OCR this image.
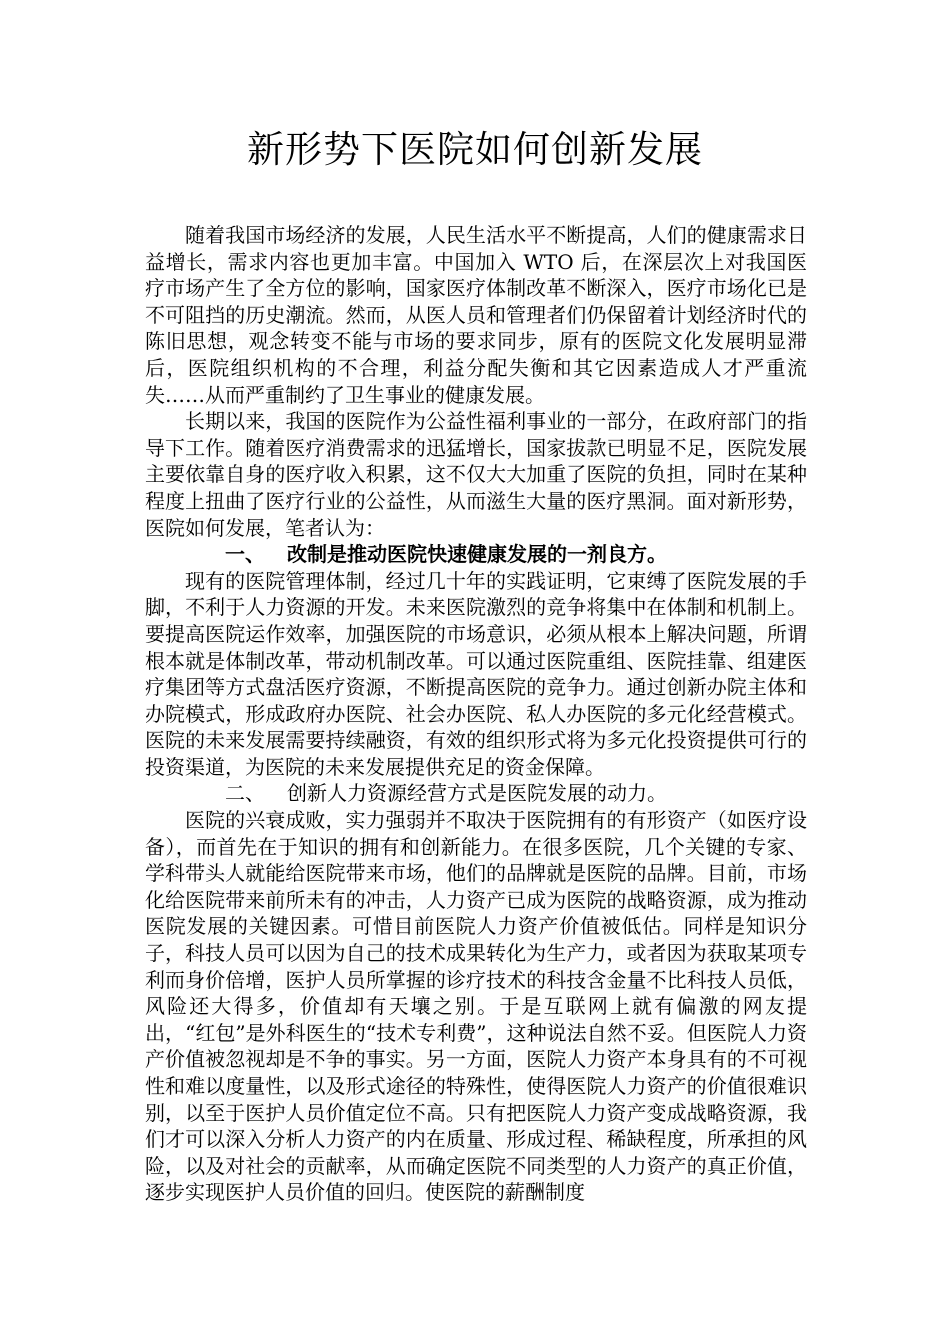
新形势下医院如何创新发展

随着我国市场经济的发展，人民生活水平不断提高，人们的健康需求日益增长，需求内容也更加丰富。中国加入 WTO 后，在深层次上对我国医疗市场产生了全方位的影响，国家医疗体制改革不断深入，医疗市场化已是不可阻挡的历史潮流。然而，从医人员和管理者们仍保留着计划经济时代的陈旧思想，观念转变不能与市场的要求同步，原有的医院文化发展明显滞后，医院组织机构的不合理，利益分配失衡和其它因素造成人才严重流失……从而严重制约了卫生事业的健康发展。

长期以来，我国的医院作为公益性福利事业的一部分，在政府部门的指导下工作。随着医疗消费需求的迅猛增长，国家拔款已明显不足，医院发展主要依靠自身的医疗收入积累，这不仅大大加重了医院的负担，同时在某种程度上扭曲了医疗行业的公益性，从而滋生大量的医疗黑洞。面对新形势，医院如何发展，笔者认为：

一、 改制是推动医院快速健康发展的一剂良方。

现有的医院管理体制，经过几十年的实践证明，它束缚了医院发展的手脚，不利于人力资源的开发。未来医院激烈的竞争将集中在体制和机制上。要提高医院运作效率，加强医院的市场意识，必须从根本上解决问题，所谓根本就是体制改革，带动机制改革。可以通过医院重组、医院挂靠、组建医疗集团等方式盘活医疗资源，不断提高医院的竞争力。通过创新办院主体和办院模式，形成政府办医院、社会办医院、私人办医院的多元化经营模式。医院的未来发展需要持续融资，有效的组织形式将为多元化投资提供可行的投资渠道，为医院的未来发展提供充足的资金保障。

二、 创新人力资源经营方式是医院发展的动力。

医院的兴衰成败，实力强弱并不取决于医院拥有的有形资产（如医疗设备），而首先在于知识的拥有和创新能力。在很多医院，几个关键的专家、学科带头人就能给医院带来市场，他们的品牌就是医院的品牌。目前，市场化给医院带来前所未有的冲击，人力资产已成为医院的战略资源，成为推动医院发展的关键因素。可惜目前医院人力资产价值被低估。同样是知识分子，科技人员可以因为自己的技术成果转化为生产力，或者因为获取某项专利而身价倍增，医护人员所掌握的诊疗技术的科技含金量不比科技人员低，风险还大得多，价值却有天壤之别。于是互联网上就有偏激的网友提出，“红包”是外科医生的“技术专利费”，这种说法自然不妥。但医院人力资产价值被忽视却是不争的事实。另一方面，医院人力资产本身具有的不可视性和难以度量性，以及形式途径的特殊性，使得医院人力资产的价值很难识别，以至于医护人员价值定位不高。只有把医院人力资产变成战略资源，我们才可以深入分析人力资产的内在质量、形成过程、稀缺程度，所承担的风险，以及对社会的贡献率，从而确定医院不同类型的人力资产的真正价值，逐步实现医护人员价值的回归。使医院的薪酬制度
